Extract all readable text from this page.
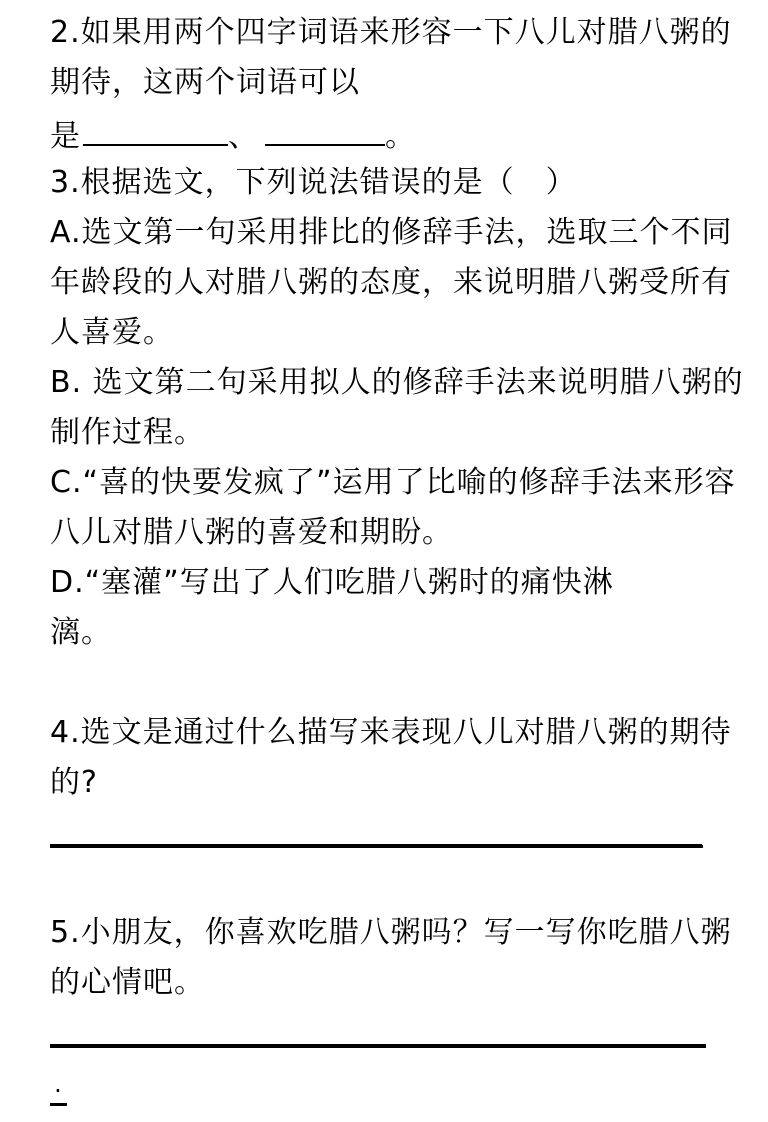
2.如果用两个四字词语来形容一下八儿对腊八粥的
期待，这两个词语可以
是	、	。
3.根据选文，下列说法错误的是（　）
A.选文第一句采用排比的修辞手法，选取三个不同
年龄段的人对腊八粥的态度，来说明腊八粥受所有
人喜爱。
B. 选文第二句采用拟人的修辞手法来说明腊八粥的
制作过程。
C.“喜的快要发疯了”运用了比喻的修辞手法来形容
八儿对腊八粥的喜爱和期盼。
D.“塞灌”写出了人们吃腊八粥时的痛快淋
漓。
4.选文是通过什么描写来表现八儿对腊八粥的期待
的?
.
5.小朋友，你喜欢吃腊八粥吗？写一写你吃腊八粥
的心情吧。
.
